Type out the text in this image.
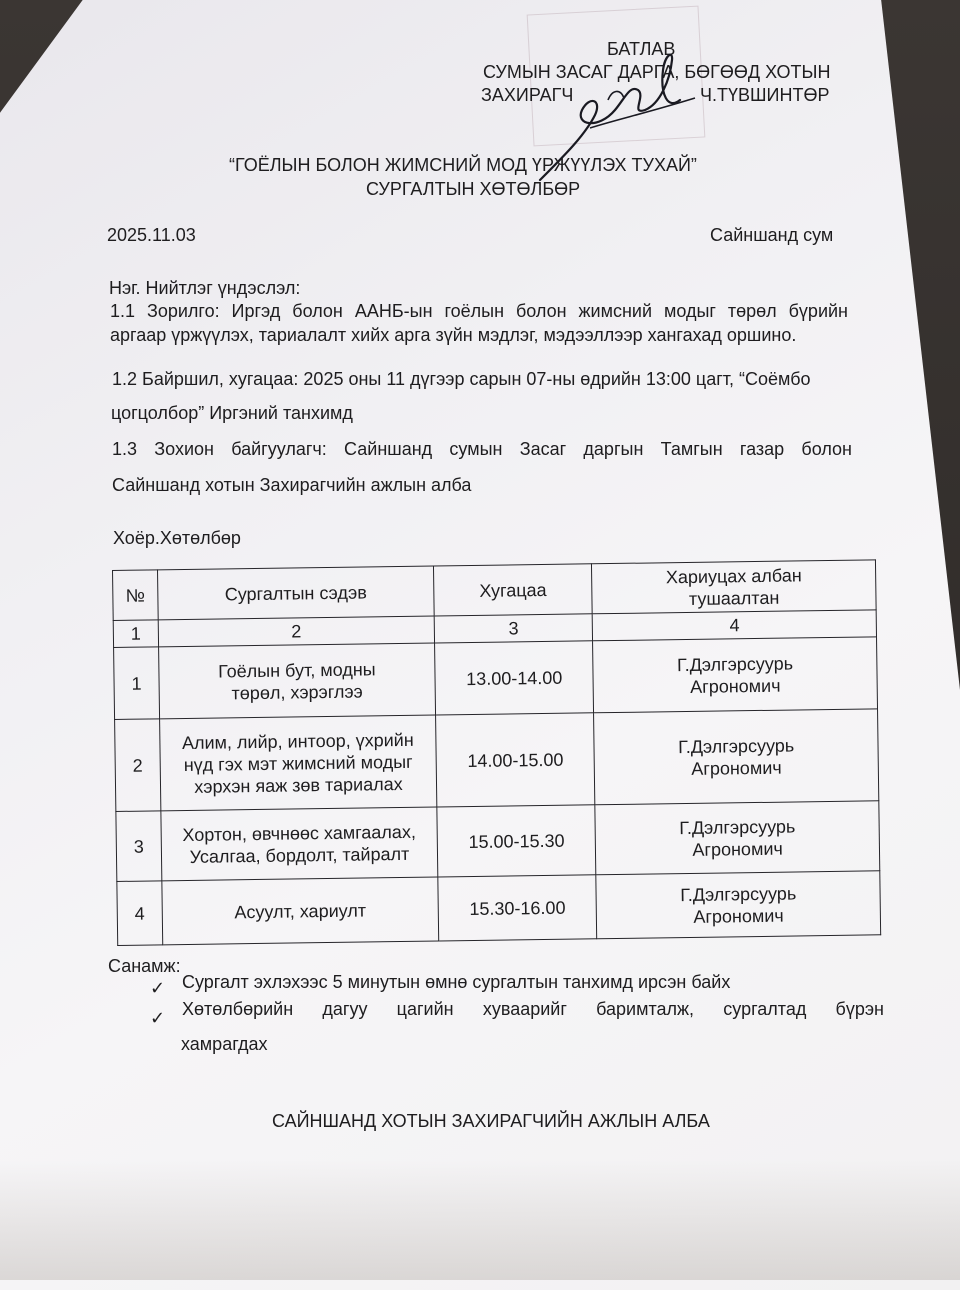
БАТЛАВ
СУМЫН ЗАСАГ ДАРГА, БӨГӨӨД ХОТЫН
ЗАХИРАГЧ	Ч.ТҮВШИНТӨР
“ГОЁЛЫН БОЛОН ЖИМСНИЙ МОД ҮРЖҮҮЛЭХ ТУХАЙ”
СУРГАЛТЫН ХӨТӨЛБӨР
2025.11.03	Сайншанд сум
Нэг. Нийтлэг үндэслэл:
1.1 Зорилго: Иргэд болон ААНБ-ын гоёлын болон жимсний модыг төрөл бүрийн
аргаар үржүүлэх, тариалалт хийх арга зүйн мэдлэг, мэдээллээр хангахад оршино.
1.2 Байршил, хугацаа: 2025 оны 11 дүгээр сарын 07-ны өдрийн 13:00 цагт, “Соёмбо
цогцолбор” Иргэний танхимд
1.3 Зохион байгуулагч: Сайншанд сумын Засаг даргын Тамгын газар болон
Сайншанд хотын Захирагчийн ажлын алба
Хоёр.Хөтөлбөр
№	Сургалтын сэдэв	Хугацаа	Хариуцах албан тушаалтан
1	2	3	4
1	Гоёлын бут, модны төрөл, хэрэглээ	13.00-14.00	Г.Дэлгэрсуурь
Агрономич

2	Алим, лийр, интоор, үхрийн нүд гэх мэт жимсний модыг хэрхэн яаж зөв тариалах	14.00-15.00	Г.Дэлгэрсуурь
Агрономич

3	Хортон, өвчнөөс хамгаалах, Усалгаа, бордолт, тайралт	15.00-15.30	Г.Дэлгэрсуурь
Агрономич

4	Асуулт, хариулт	15.30-16.00	Г.Дэлгэрсуурь
Агрономич
Санамж:
✓ Сургалт эхлэхээс 5 минутын өмнө сургалтын танхимд ирсэн байх
✓ Хөтөлбөрийн дагуу цагийн хуваарийг баримталж, сургалтад бүрэн
хамрагдах
САЙНШАНД ХОТЫН ЗАХИРАГЧИЙН АЖЛЫН АЛБА
